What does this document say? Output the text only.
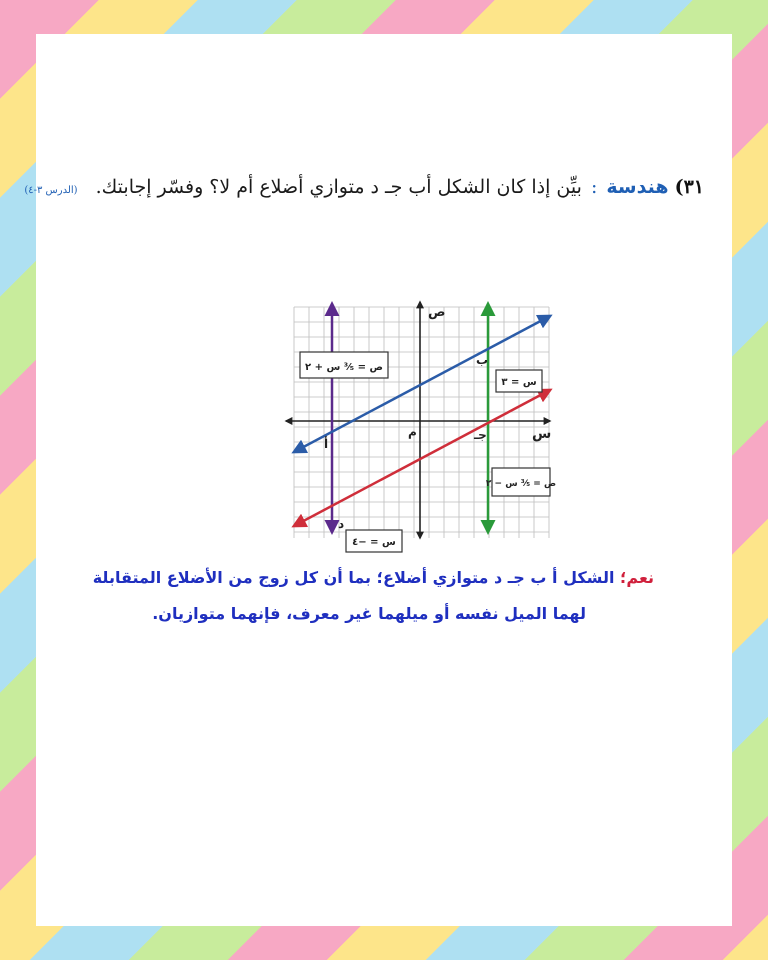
٣١) هندسة : بيِّن إذا كان الشكل أب جـ د متوازي أضلاع أم لا؟ وفسّر إجابتك. (الدرس ٣-٤)
ص
س
م
أ
ب
جـ
د
ص = ³⁄₅ س + ٢
س = ٣
ص = ³⁄₅ س − ٢
س = −٤
نعم؛ الشكل أ ب جـ د متوازي أضلاع؛ بما أن كل زوج من الأضلاع المتقابلة
لهما الميل نفسه أو ميلهما غير معرف، فإنهما متوازيان.
